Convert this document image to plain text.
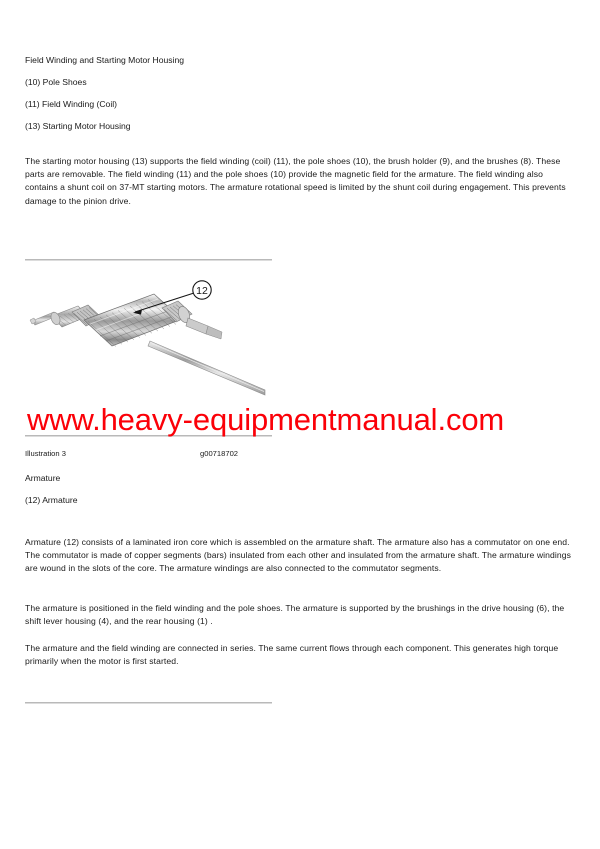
Field Winding and Starting Motor Housing
(10) Pole Shoes
(11) Field Winding (Coil)
(13) Starting Motor Housing
The starting motor housing (13) supports the field winding (coil) (11), the pole shoes (10), the brush holder (9), and the brushes (8). These parts are removable. The field winding (11) and the pole shoes (10) provide the magnetic field for the armature. The field winding also contains a shunt coil on 37-MT starting motors. The armature rotational speed is limited by the shunt coil during engagement. This prevents damage to the pinion drive.
12
www.heavy-equipmentmanual.com
Illustration 3	g00718702
Armature
(12) Armature
Armature (12) consists of a laminated iron core which is assembled on the armature shaft. The armature also has a commutator on one end. The commutator is made of copper segments (bars) insulated from each other and insulated from the armature shaft. The armature windings are wound in the slots of the core. The armature windings are also connected to the commutator segments.
The armature is positioned in the field winding and the pole shoes. The armature is supported by the brushings in the drive housing (6), the shift lever housing (4), and the rear housing (1) .
The armature and the field winding are connected in series. The same current flows through each component. This generates high torque primarily when the motor is first started.
